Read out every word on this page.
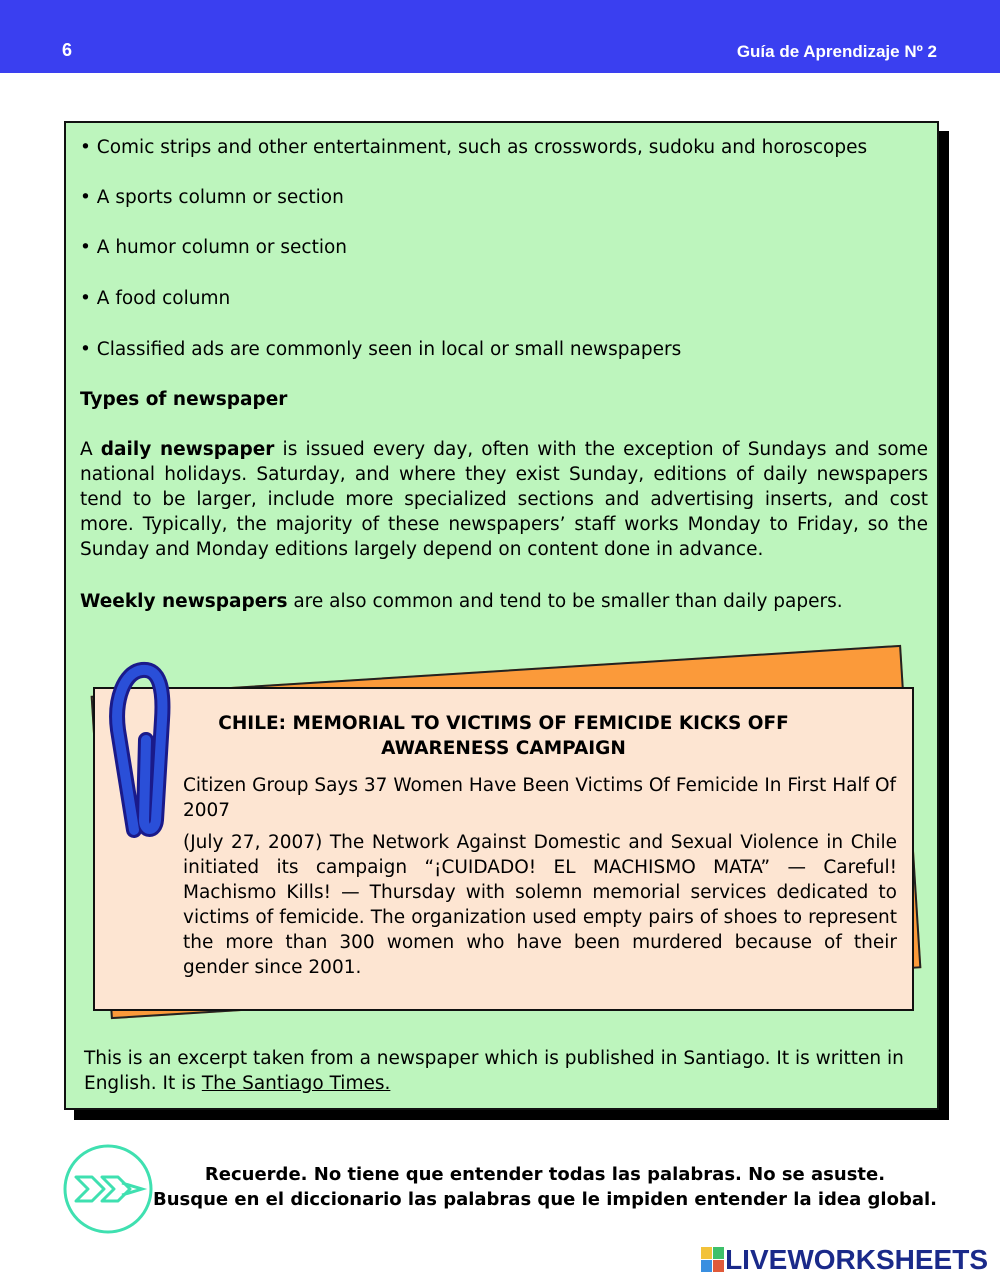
6	Guía de Aprendizaje Nº 2
• Comic strips and other entertainment, such as crosswords, sudoku and horoscopes
• A sports column or section
• A humor column or section
• A food column
• Classified ads are commonly seen in local or small newspapers
Types of newspaper
A daily newspaper is issued every day, often with the exception of Sundays and some national holidays. Saturday, and where they exist Sunday, editions of daily newspapers tend to be larger, include more specialized sections and advertising inserts, and cost more. Typically, the majority of these newspapers’ staff works Monday to Friday, so the Sunday and Monday editions largely depend on content done in advance.
Weekly newspapers are also common and tend to be smaller than daily papers.
This is an excerpt taken from a newspaper which is published in Santiago. It is written in English. It is The Santiago Times.
CHILE: MEMORIAL TO VICTIMS OF FEMICIDE KICKS OFF
AWARENESS CAMPAIGN
Citizen Group Says 37 Women Have Been Victims Of Femicide In First Half Of 2007
(July 27, 2007) The Network Against Domestic and Sexual Violence in Chile initiated its campaign “¡CUIDADO! EL MACHISMO MATA” — Careful! Machismo Kills! — Thursday with solemn memorial services dedicated to victims of femicide. The organization used empty pairs of shoes to represent the more than 300 women who have been murdered because of their gender since 2001.
Recuerde. No tiene que entender todas las palabras. No se asuste.
Busque en el diccionario las palabras que le impiden entender la idea global.
LIVEWORKSHEETS
